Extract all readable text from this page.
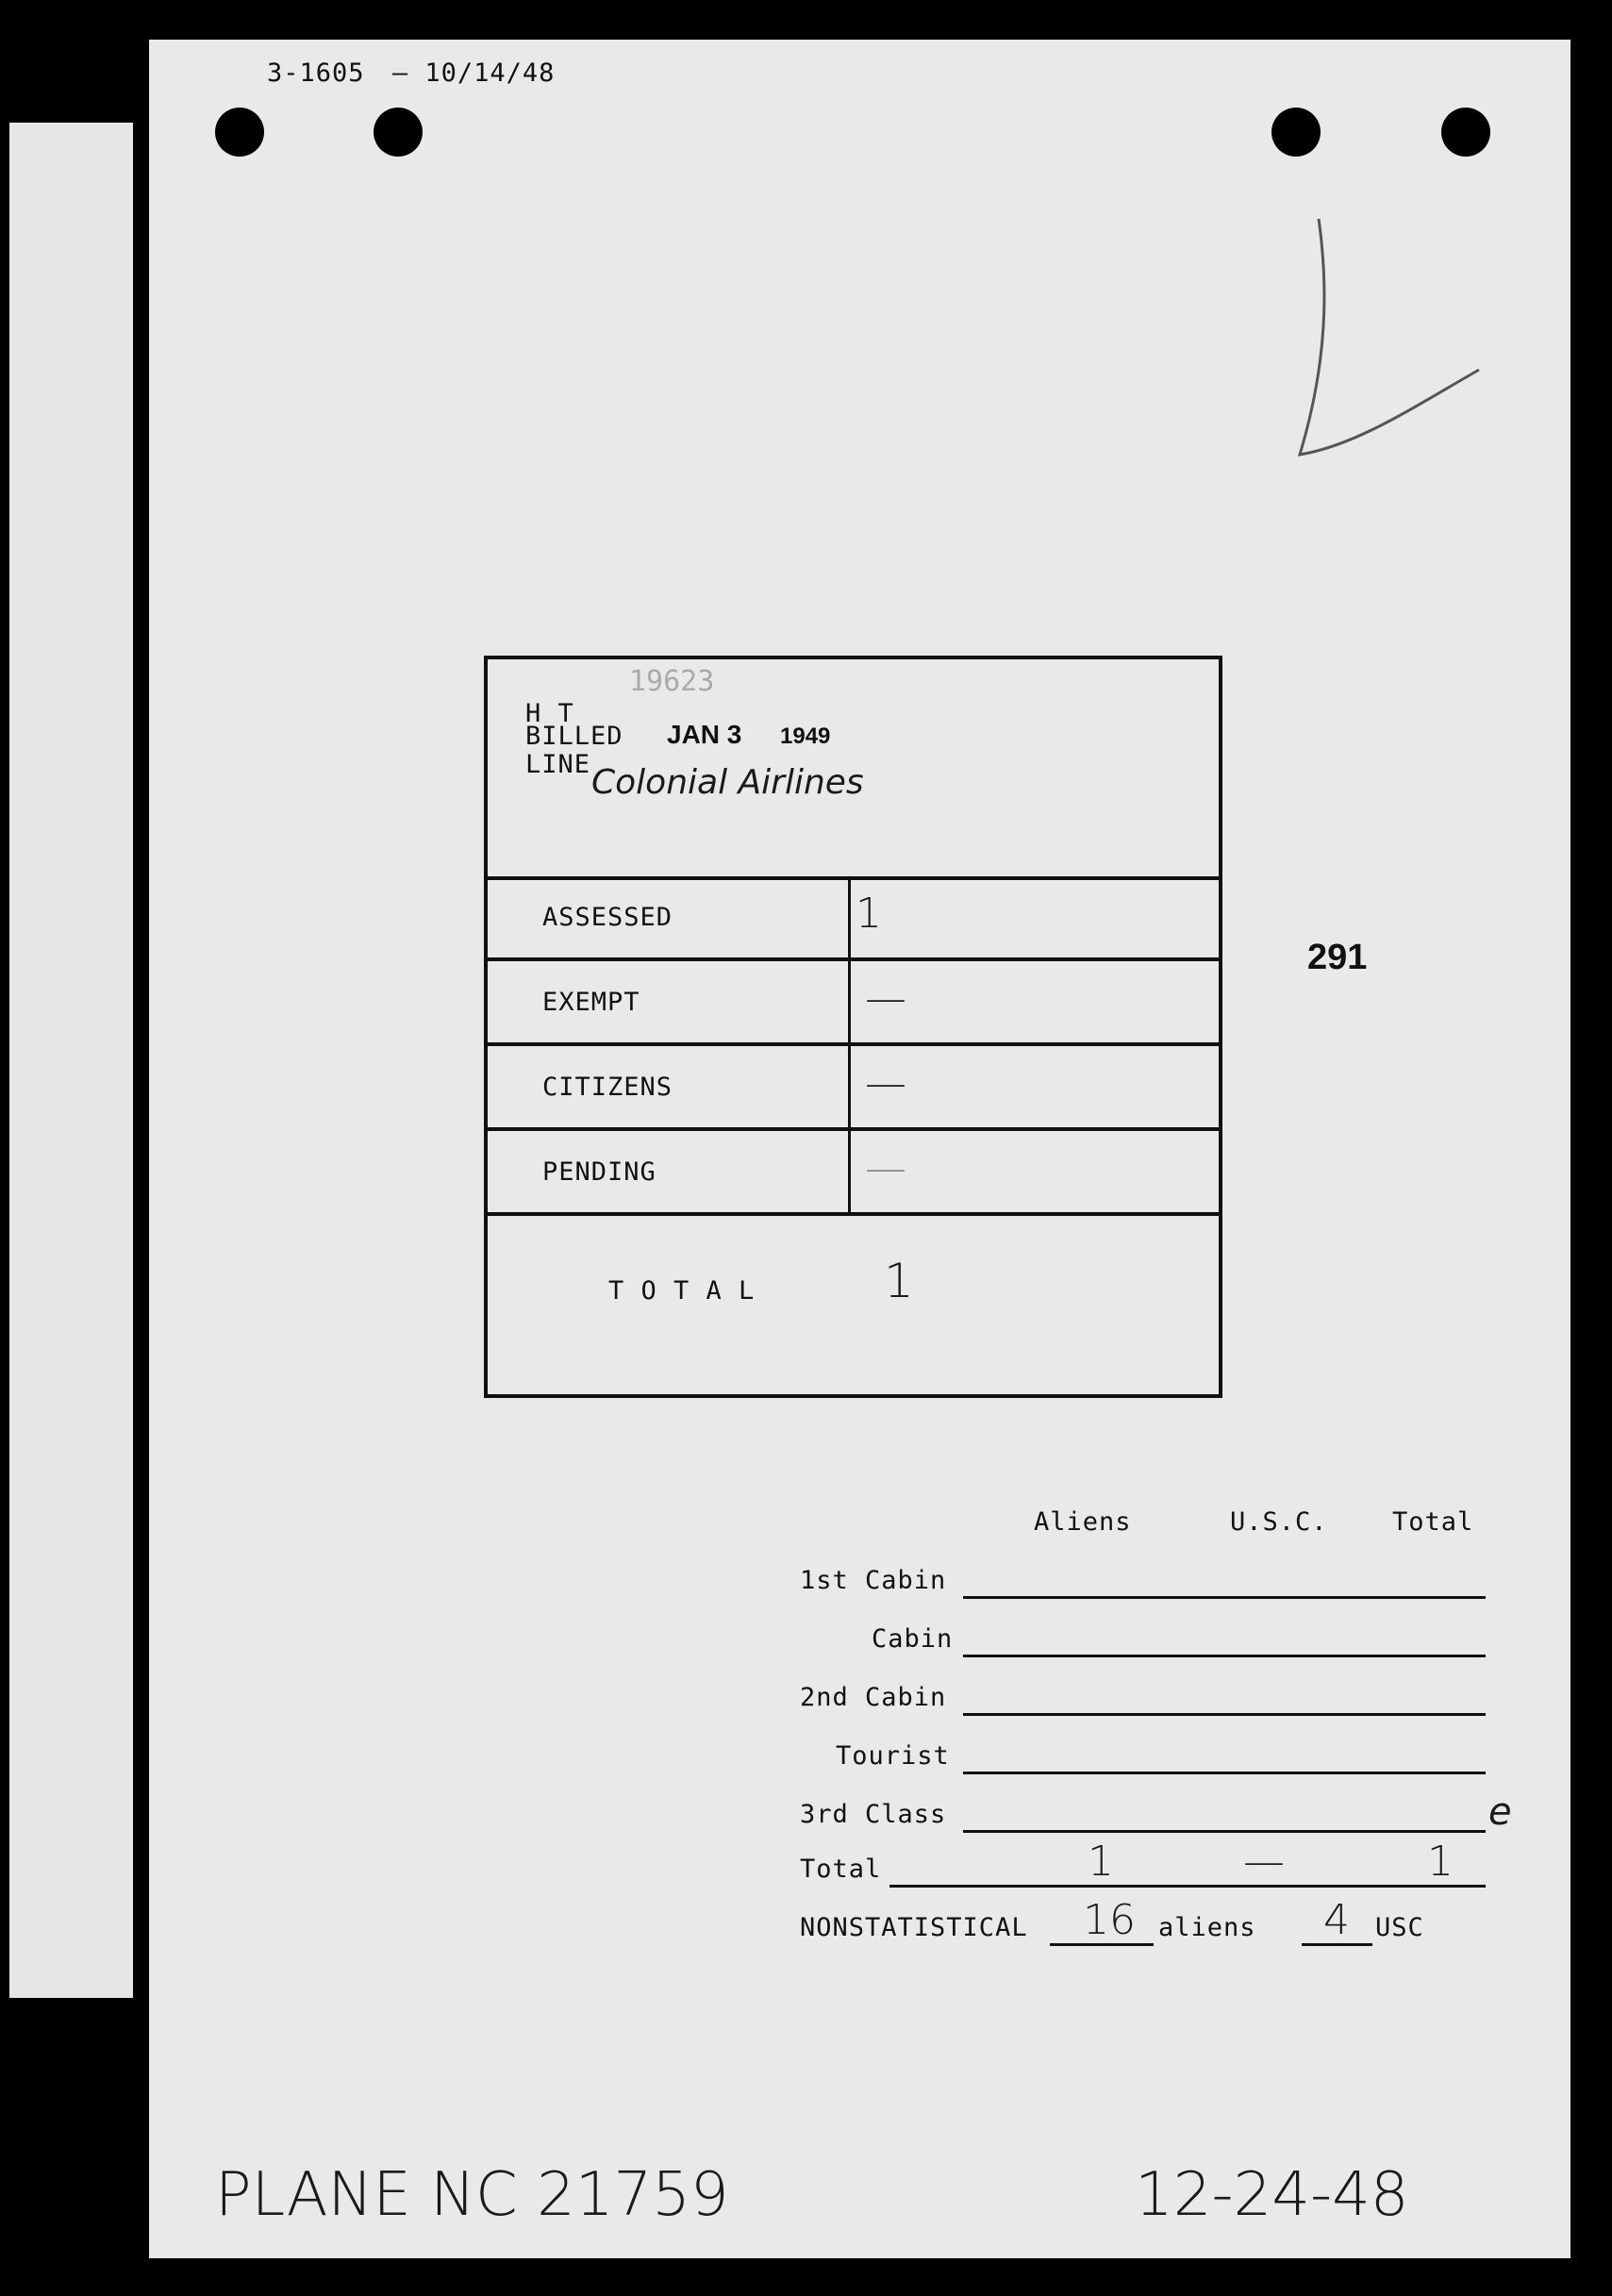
3-1605 — 10/14/48
291
19623
H T
BILLED JAN 3 1949
LINE Colonial Airlines
ASSESSED	1
EXEMPT	—
CITIZENS	—
PENDING	—
T O T A L	1
Aliens	U.S.C.	Total
1st Cabin
Cabin
2nd Cabin
Tourist
3rd Class	e
Total	1	—	1
NONSTATISTICAL 16 aliens 4 USC
PLANE NC 21759	12-24-48
